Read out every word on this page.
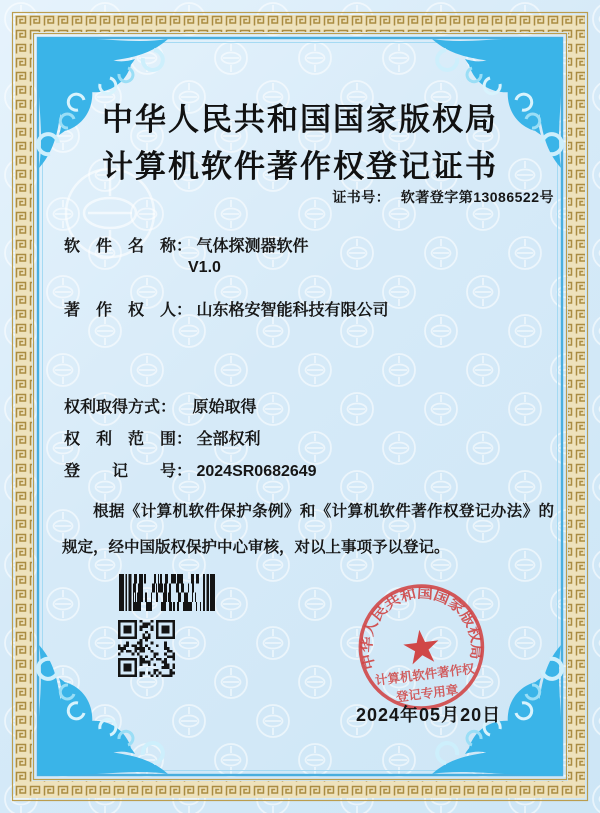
中华人民共和国国家版权局
计算机软件著作权登记证书
证书号： 软著登字第13086522号
软　件　名　称： 气体探测器软件
V1.0
著　作　权　人： 山东格安智能科技有限公司
权利取得方式： 原始取得
权　利　范　围： 全部权利
登　　记　　号： 2024SR0682649
根据《计算机软件保护条例》和《计算机软件著作权登记办法》的规定，经中国版权保护中心审核，对以上事项予以登记。
中华人民共和国国家版权局
★
计算机软件著作权
登记专用章
2024年05月20日
